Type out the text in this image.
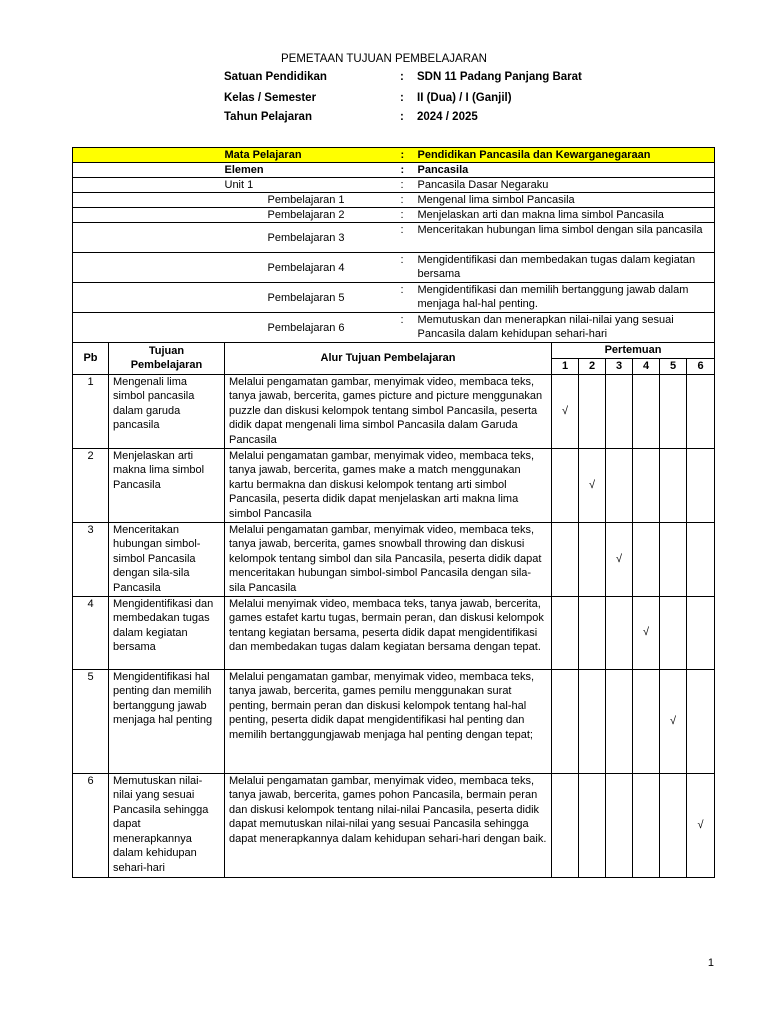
PEMETAAN TUJUAN PEMBELAJARAN
Satuan Pendidikan	: SDN 11 Padang Panjang Barat
Kelas / Semester	: II (Dua) / I (Ganjil)
Tahun Pelajaran	: 2024 / 2025
	Mata Pelajaran	:	Pendidikan Pancasila dan Kewarganegaraan
	Elemen	:	Pancasila
	Unit 1	:	Pancasila Dasar Negaraku
	Pembelajaran 1	:	Mengenal lima simbol Pancasila
	Pembelajaran 2	:	Menjelaskan arti dan makna lima simbol Pancasila
	Pembelajaran 3	:	Menceritakan hubungan lima simbol dengan sila pancasila
	Pembelajaran 4	:	Mengidentifikasi dan membedakan tugas dalam kegiatan bersama
	Pembelajaran 5	:	Mengidentifikasi dan memilih bertanggung jawab dalam menjaga hal-hal penting.
	Pembelajaran 6	:	Memutuskan dan menerapkan nilai-nilai yang sesuai Pancasila dalam kehidupan sehari-hari
Pb	Tujuan Pembelajaran	Alur Tujuan Pembelajaran	Pertemuan					
			1	2	3	4	5	6
1	Mengenali lima simbol pancasila dalam garuda pancasila	Melalui pengamatan gambar, menyimak video, membaca teks, tanya jawab, bercerita, games picture and picture menggunakan puzzle dan diskusi kelompok tentang simbol Pancasila, peserta didik dapat mengenali lima simbol Pancasila dalam Garuda Pancasila	√					
2	Menjelaskan arti makna lima simbol Pancasila	Melalui pengamatan gambar, menyimak video, membaca teks, tanya jawab, bercerita, games make a match menggunakan kartu bermakna dan diskusi kelompok tentang arti simbol Pancasila, peserta didik dapat menjelaskan arti makna lima simbol Pancasila		√				
3	Menceritakan hubungan simbol-simbol Pancasila dengan sila-sila Pancasila	Melalui pengamatan gambar, menyimak video, membaca teks, tanya jawab, bercerita, games snowball throwing dan diskusi kelompok tentang simbol dan sila Pancasila, peserta didik dapat menceritakan hubungan simbol-simbol Pancasila dengan sila-sila Pancasila			√			
4	Mengidentifikasi dan membedakan tugas dalam kegiatan bersama	Melalui menyimak video, membaca teks, tanya jawab, bercerita, games estafet kartu tugas, bermain peran, dan diskusi kelompok tentang kegiatan bersama, peserta didik dapat mengidentifikasi dan membedakan tugas dalam kegiatan bersama dengan tepat.				√		
5	Mengidentifikasi hal penting dan memilih bertanggung jawab menjaga hal penting	Melalui pengamatan gambar, menyimak video, membaca teks, tanya jawab, bercerita, games pemilu menggunakan surat penting, bermain peran dan diskusi kelompok tentang hal-hal penting, peserta didik dapat mengidentifikasi hal penting dan memilih bertanggungjawab menjaga hal penting dengan tepat;					√	
6	Memutuskan nilai-nilai yang sesuai Pancasila sehingga dapat menerapkannya dalam kehidupan sehari-hari	Melalui pengamatan gambar, menyimak video, membaca teks, tanya jawab, bercerita, games pohon Pancasila, bermain peran dan diskusi kelompok tentang nilai-nilai Pancasila, peserta didik dapat memutuskan nilai-nilai yang sesuai Pancasila sehingga dapat menerapkannya dalam kehidupan sehari-hari dengan baik.						√
1
